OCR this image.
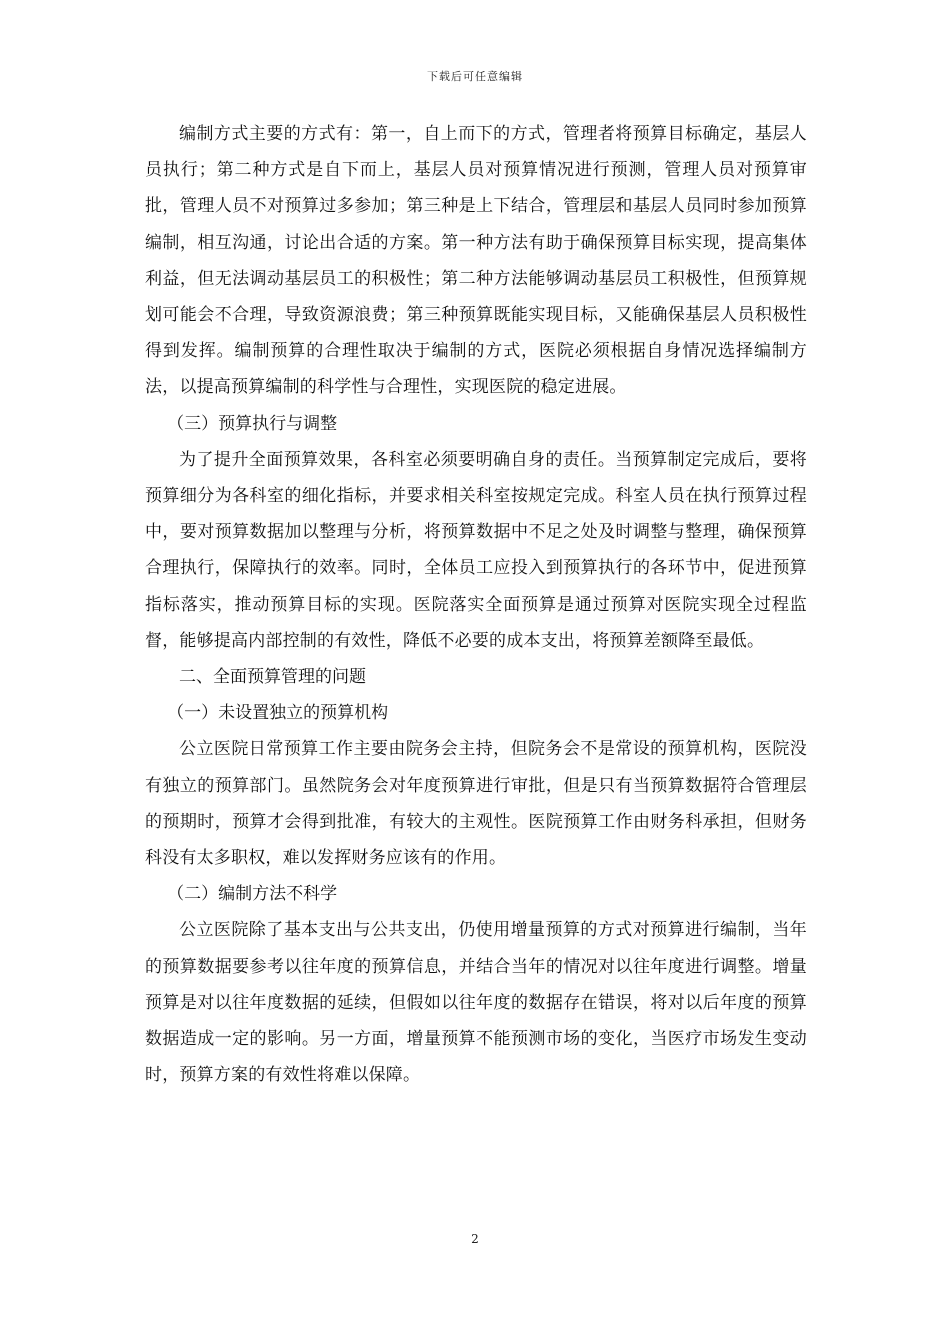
下载后可任意编辑

编制方式主要的方式有：第一，自上而下的方式，管理者将预算目标确定，基层人员执行；第二种方式是自下而上，基层人员对预算情况进行预测，管理人员对预算审批，管理人员不对预算过多参加；第三种是上下结合，管理层和基层人员同时参加预算编制，相互沟通，讨论出合适的方案。第一种方法有助于确保预算目标实现，提高集体利益，但无法调动基层员工的积极性；第二种方法能够调动基层员工积极性，但预算规划可能会不合理，导致资源浪费；第三种预算既能实现目标，又能确保基层人员积极性得到发挥。编制预算的合理性取决于编制的方式，医院必须根据自身情况选择编制方法，以提高预算编制的科学性与合理性，实现医院的稳定进展。

（三）预算执行与调整

为了提升全面预算效果，各科室必须要明确自身的责任。当预算制定完成后，要将预算细分为各科室的细化指标，并要求相关科室按规定完成。科室人员在执行预算过程中，要对预算数据加以整理与分析，将预算数据中不足之处及时调整与整理，确保预算合理执行，保障执行的效率。同时，全体员工应投入到预算执行的各环节中，促进预算指标落实，推动预算目标的实现。医院落实全面预算是通过预算对医院实现全过程监督，能够提高内部控制的有效性，降低不必要的成本支出，将预算差额降至最低。

二、全面预算管理的问题

（一）未设置独立的预算机构

公立医院日常预算工作主要由院务会主持，但院务会不是常设的预算机构，医院没有独立的预算部门。虽然院务会对年度预算进行审批，但是只有当预算数据符合管理层的预期时，预算才会得到批准，有较大的主观性。医院预算工作由财务科承担，但财务科没有太多职权，难以发挥财务应该有的作用。

（二）编制方法不科学

公立医院除了基本支出与公共支出，仍使用增量预算的方式对预算进行编制，当年的预算数据要参考以往年度的预算信息，并结合当年的情况对以往年度进行调整。增量预算是对以往年度数据的延续，但假如以往年度的数据存在错误，将对以后年度的预算数据造成一定的影响。另一方面，增量预算不能预测市场的变化，当医疗市场发生变动时，预算方案的有效性将难以保障。

2
